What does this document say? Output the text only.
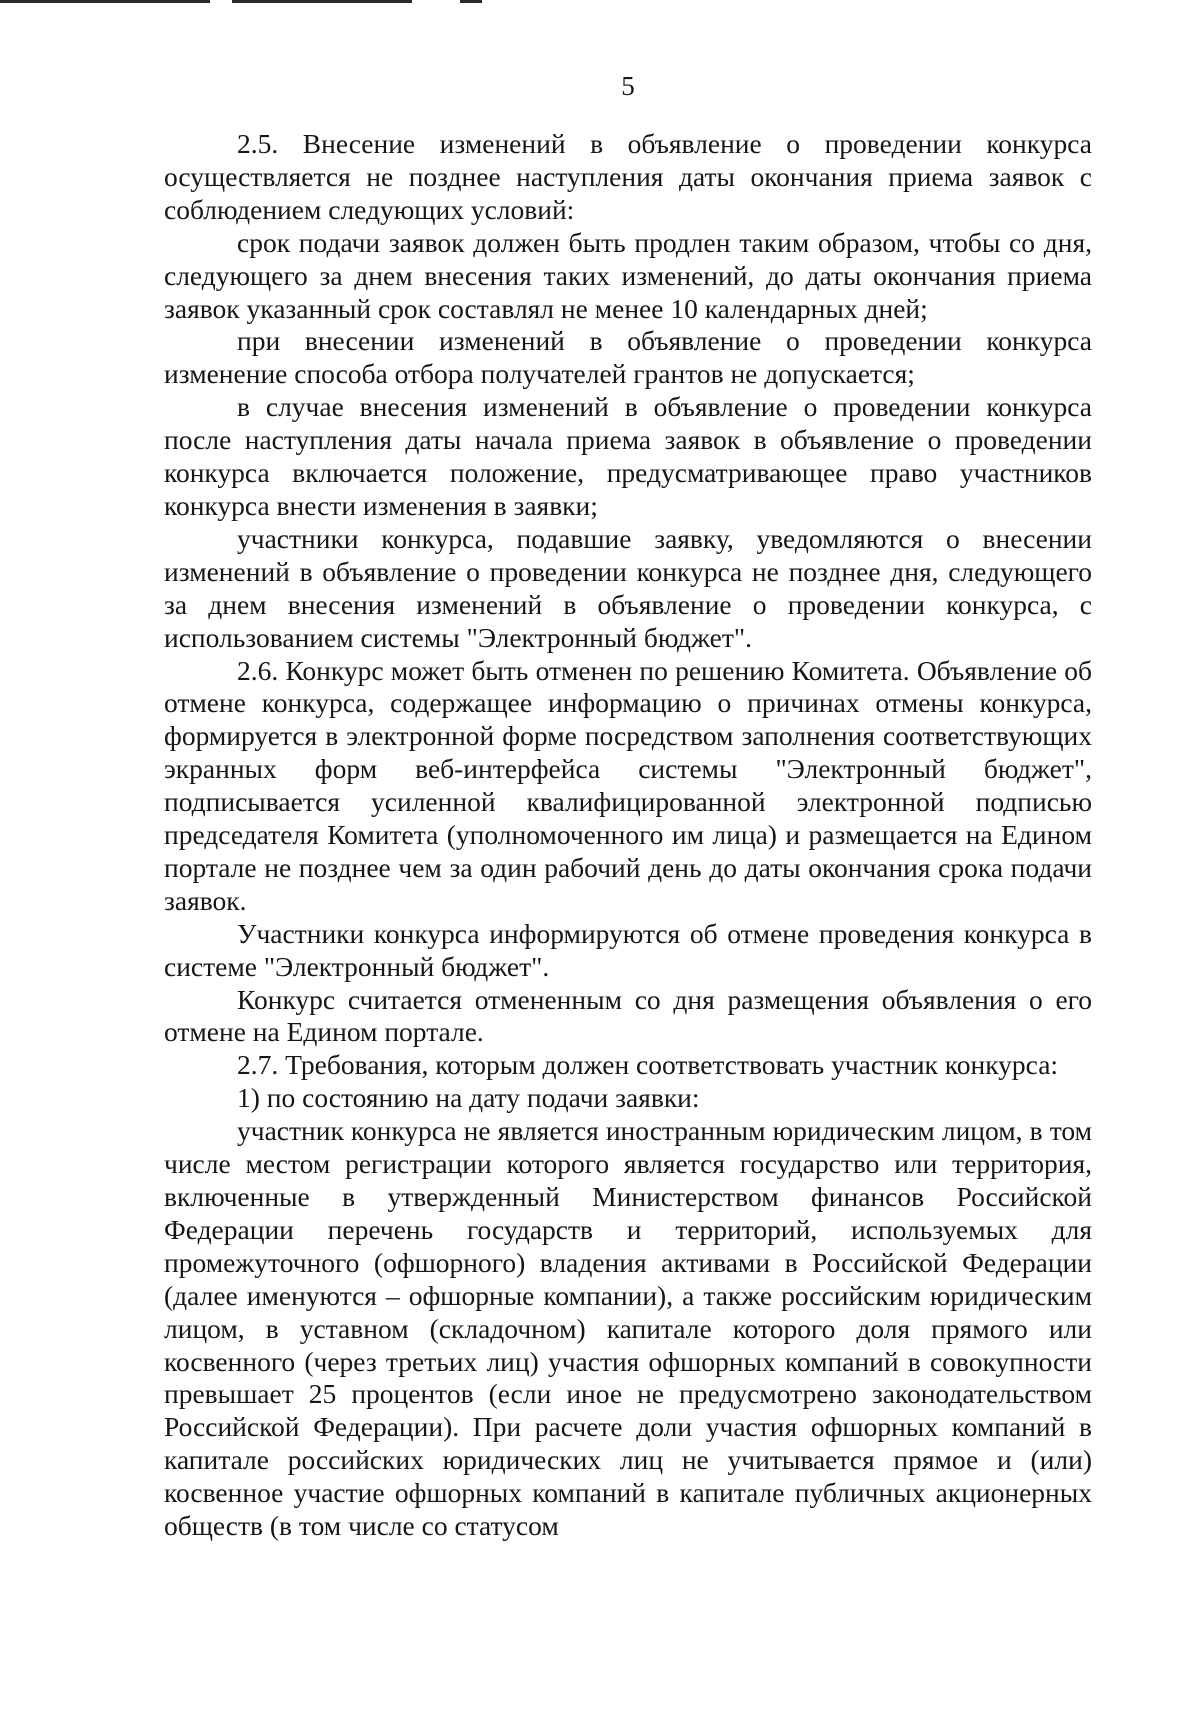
5

2.5. Внесение изменений в объявление о проведении конкурса осуществляется не позднее наступления даты окончания приема заявок с соблюдением следующих условий:

срок подачи заявок должен быть продлен таким образом, чтобы со дня, следующего за днем внесения таких изменений, до даты окончания приема заявок указанный срок составлял не менее 10 календарных дней;

при внесении изменений в объявление о проведении конкурса изменение способа отбора получателей грантов не допускается;

в случае внесения изменений в объявление о проведении конкурса после наступления даты начала приема заявок в объявление о проведении конкурса включается положение, предусматривающее право участников конкурса внести изменения в заявки;

участники конкурса, подавшие заявку, уведомляются о внесении изменений в объявление о проведении конкурса не позднее дня, следующего за днем внесения изменений в объявление о проведении конкурса, с использованием системы "Электронный бюджет".

2.6. Конкурс может быть отменен по решению Комитета. Объявление об отмене конкурса, содержащее информацию о причинах отмены конкурса, формируется в электронной форме посредством заполнения соответствующих экранных форм веб-интерфейса системы "Электронный бюджет", подписывается усиленной квалифицированной электронной подписью председателя Комитета (уполномоченного им лица) и размещается на Едином портале не позднее чем за один рабочий день до даты окончания срока подачи заявок.

Участники конкурса информируются об отмене проведения конкурса в системе "Электронный бюджет".

Конкурс считается отмененным со дня размещения объявления о его отмене на Едином портале.

2.7. Требования, которым должен соответствовать участник конкурса:

1) по состоянию на дату подачи заявки:

участник конкурса не является иностранным юридическим лицом, в том числе местом регистрации которого является государство или территория, включенные в утвержденный Министерством финансов Российской Федерации перечень государств и территорий, используемых для промежуточного (офшорного) владения активами в Российской Федерации (далее именуются – офшорные компании), а также российским юридическим лицом, в уставном (складочном) капитале которого доля прямого или косвенного (через третьих лиц) участия офшорных компаний в совокупности превышает 25 процентов (если иное не предусмотрено законодательством Российской Федерации). При расчете доли участия офшорных компаний в капитале российских юридических лиц не учитывается прямое и (или) косвенное участие офшорных компаний в капитале публичных акционерных обществ (в том числе со статусом
